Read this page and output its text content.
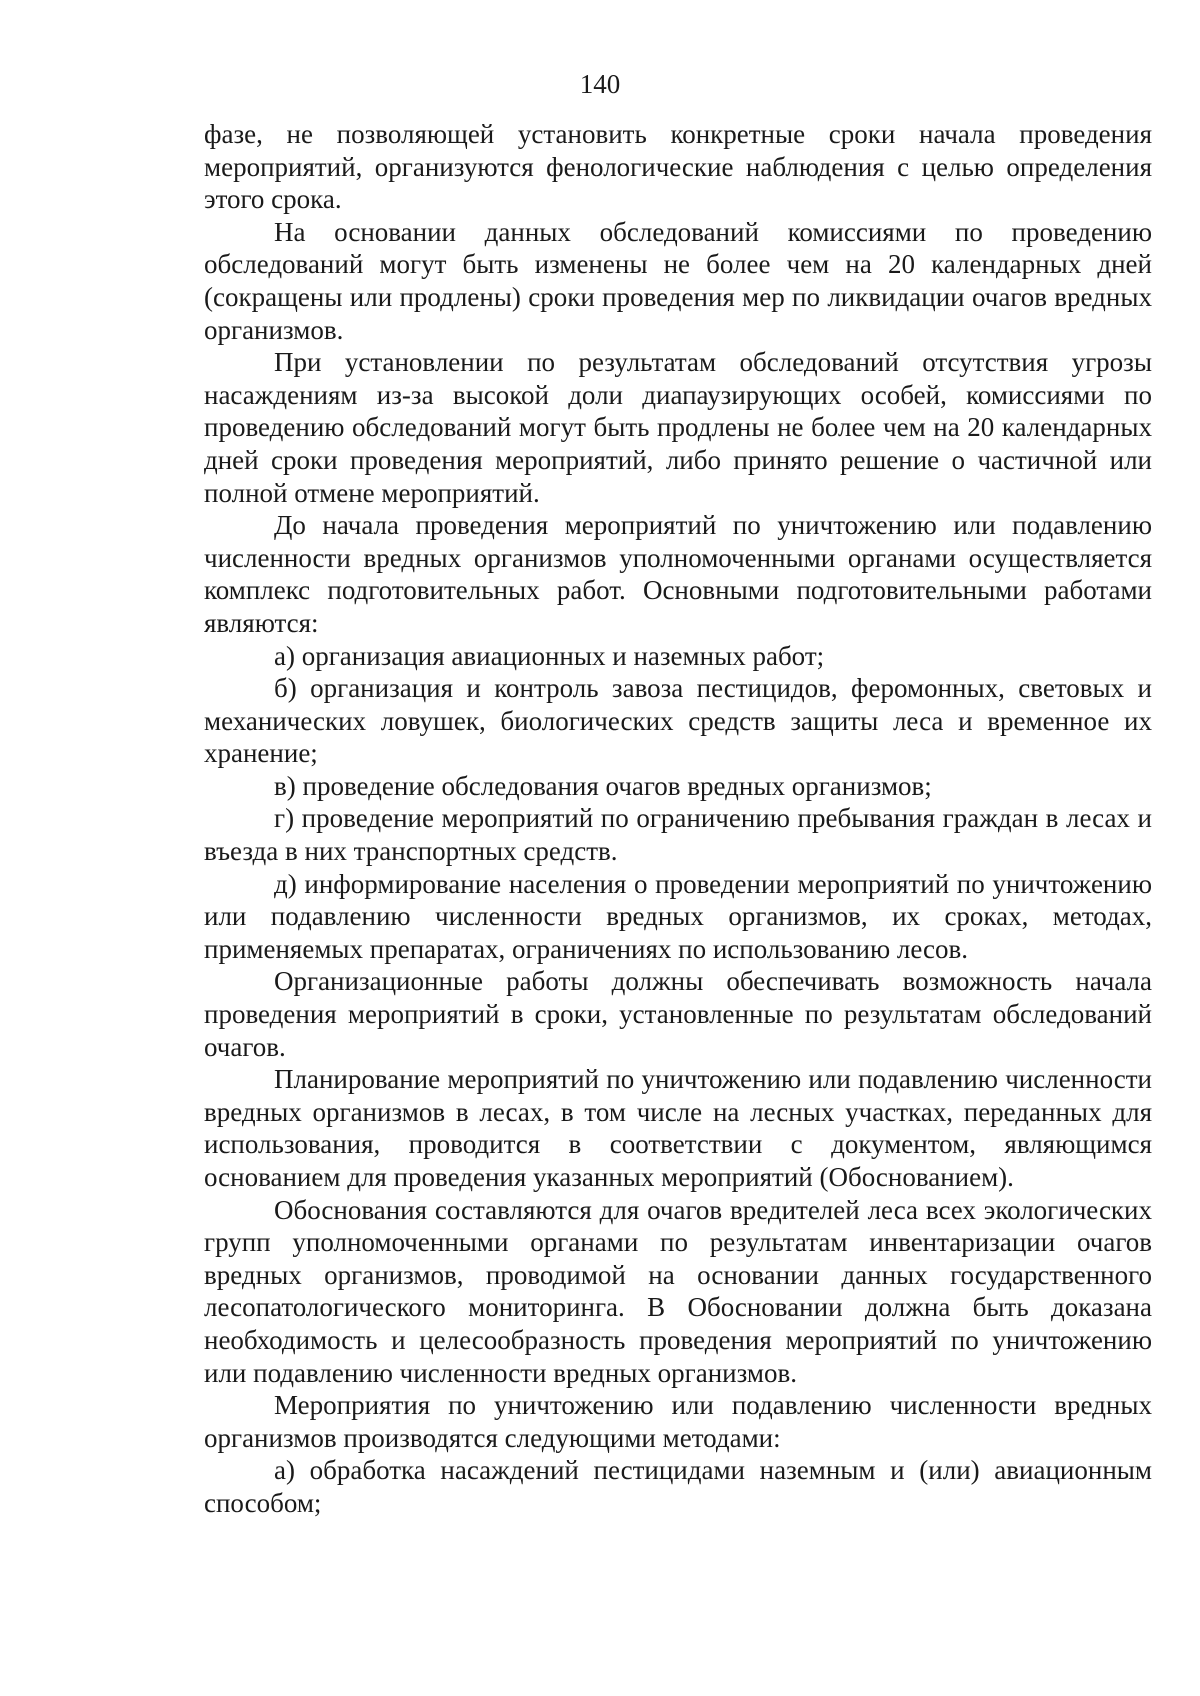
140

фазе, не позволяющей установить конкретные сроки начала проведения мероприятий, организуются фенологические наблюдения с целью определения этого срока.

На основании данных обследований комиссиями по проведению обследований могут быть изменены не более чем на 20 календарных дней (сокращены или продлены) сроки проведения мер по ликвидации очагов вредных организмов.

При установлении по результатам обследований отсутствия угрозы насаждениям из-за высокой доли диапаузирующих особей, комиссиями по проведению обследований могут быть продлены не более чем на 20 календарных дней сроки проведения мероприятий, либо принято решение о частичной или полной отмене мероприятий.

До начала проведения мероприятий по уничтожению или подавлению численности вредных организмов уполномоченными органами осуществляется комплекс подготовительных работ. Основными подготовительными работами являются:

а) организация авиационных и наземных работ;

б) организация и контроль завоза пестицидов, феромонных, световых и механических ловушек, биологических средств защиты леса и временное их хранение;

в) проведение обследования очагов вредных организмов;

г) проведение мероприятий по ограничению пребывания граждан в лесах и въезда в них транспортных средств.

д) информирование населения о проведении мероприятий по уничтожению или подавлению численности вредных организмов, их сроках, методах, применяемых препаратах, ограничениях по использованию лесов.

Организационные работы должны обеспечивать возможность начала проведения мероприятий в сроки, установленные по результатам обследований очагов.

Планирование мероприятий по уничтожению или подавлению численности вредных организмов в лесах, в том числе на лесных участках, переданных для использования, проводится в соответствии с документом, являющимся основанием для проведения указанных мероприятий (Обоснованием).

Обоснования составляются для очагов вредителей леса всех экологических групп уполномоченными органами по результатам инвентаризации очагов вредных организмов, проводимой на основании данных государственного лесопатологического мониторинга. В Обосновании должна быть доказана необходимость и целесообразность проведения мероприятий по уничтожению или подавлению численности вредных организмов.

Мероприятия по уничтожению или подавлению численности вредных организмов производятся следующими методами:

а) обработка насаждений пестицидами наземным и (или) авиационным способом;
